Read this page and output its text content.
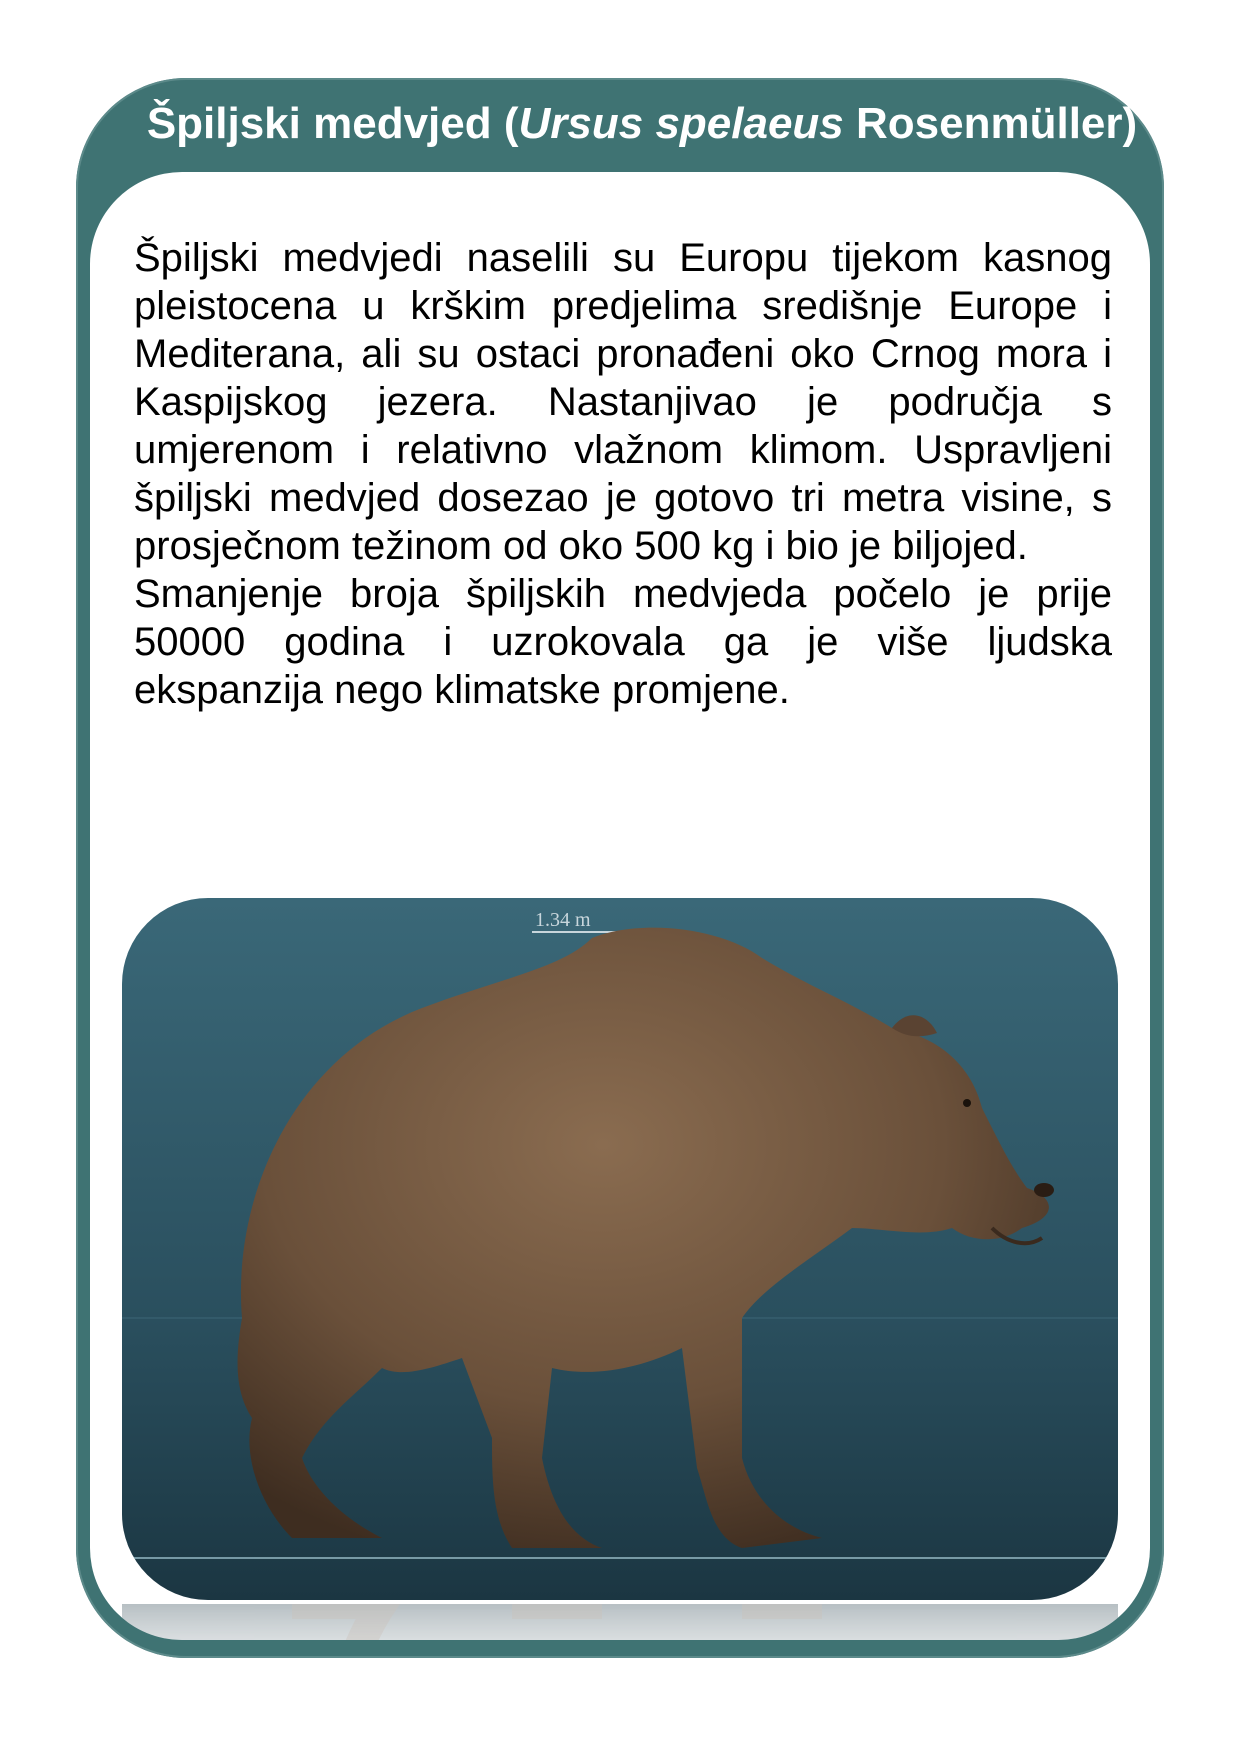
Špiljski medvjed (Ursus spelaeus Rosenmüller)

Špiljski medvjedi naselili su Europu tijekom kasnog pleistocena u krškim predjelima središnje Europe i Mediterana, ali su ostaci pronađeni oko Crnog mora i Kaspijskog jezera. Nastanjivao je područja s umjerenom i relativno vlažnom klimom. Uspravljeni špiljski medvjed dosezao je gotovo tri metra visine, s prosječnom težinom od oko 500 kg i bio je biljojed.

Smanjenje broja špiljskih medvjeda počelo je prije 50000 godina i uzrokovala ga je više ljudska ekspanzija nego klimatske promjene.

1.34 m
